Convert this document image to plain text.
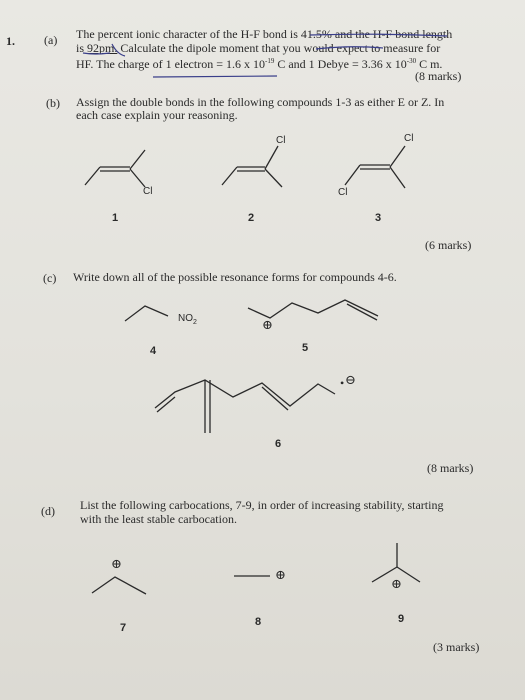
1. (a) The percent ionic character of the H-F bond is 41.5% and the H-F bond length
is 92pm. Calculate the dipole moment that you would expect to measure for
HF. The charge of 1 electron = 1.6 x $10^{-19}$ C and 1 Debye = 3.36 x $10^{-30}$ C m.
(8 marks)
(b) Assign the double bonds in the following compounds 1-3 as either E or Z. In
each case explain your reasoning.
Cl
Cl
Cl
Cl
1	2	3
(6 marks)
(c) Write down all of the possible resonance forms for compounds 4-6.
$NO_2$	⊕
4	5
• ⊖
6
(8 marks)
(d) List the following carbocations, 7-9, in order of increasing stability, starting
with the least stable carbocation.
⊕
⊕
⊕
7	8	9
(3 marks)
